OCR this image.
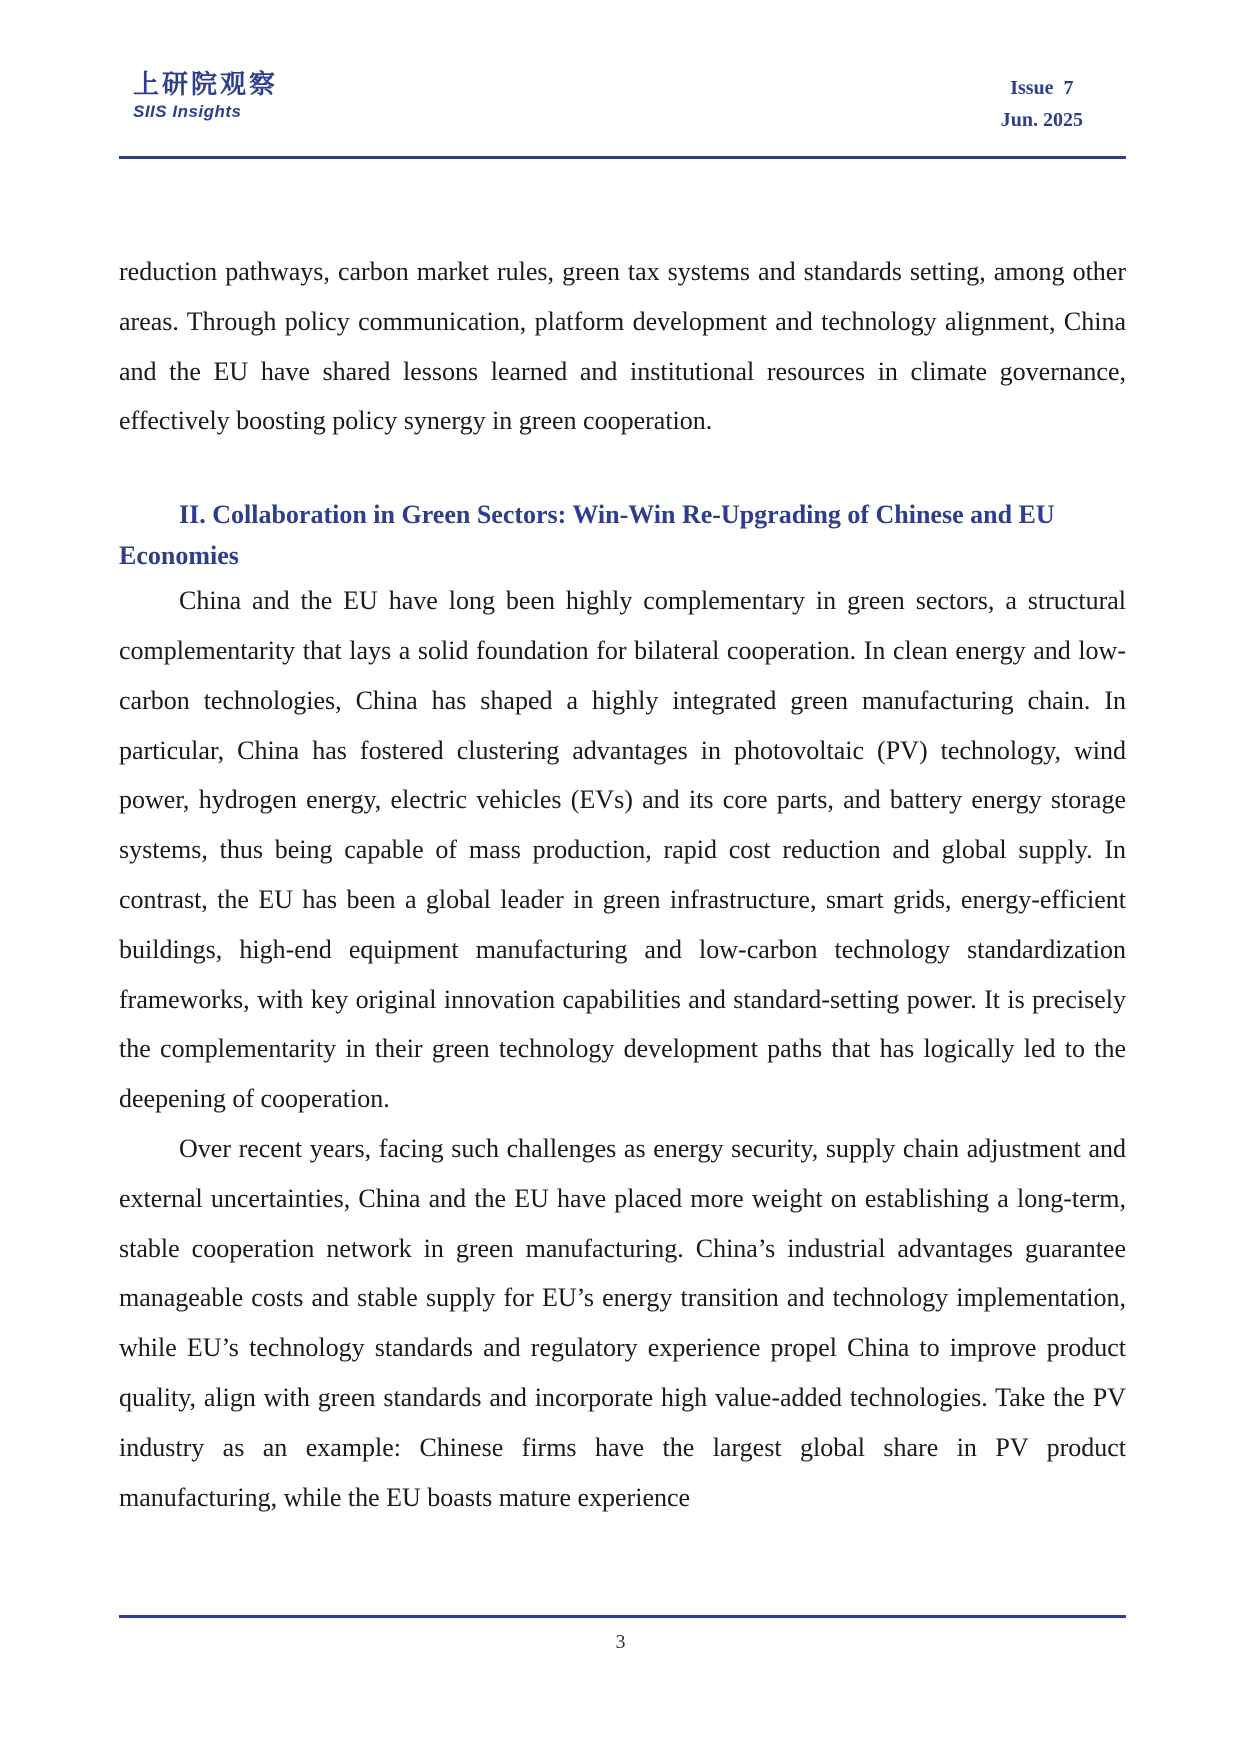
上研院观察
SIIS Insights
Issue  7
Jun. 2025

reduction pathways, carbon market rules, green tax systems and standards setting, among other areas. Through policy communication, platform development and technology alignment, China and the EU have shared lessons learned and institutional resources in climate governance, effectively boosting policy synergy in green cooperation.

II. Collaboration in Green Sectors: Win-Win Re-Upgrading of Chinese and EU Economies

China and the EU have long been highly complementary in green sectors, a structural complementarity that lays a solid foundation for bilateral cooperation. In clean energy and low-carbon technologies, China has shaped a highly integrated green manufacturing chain. In particular, China has fostered clustering advantages in photovoltaic (PV) technology, wind power, hydrogen energy, electric vehicles (EVs) and its core parts, and battery energy storage systems, thus being capable of mass production, rapid cost reduction and global supply. In contrast, the EU has been a global leader in green infrastructure, smart grids, energy-efficient buildings, high-end equipment manufacturing and low-carbon technology standardization frameworks, with key original innovation capabilities and standard-setting power. It is precisely the complementarity in their green technology development paths that has logically led to the deepening of cooperation.

Over recent years, facing such challenges as energy security, supply chain adjustment and external uncertainties, China and the EU have placed more weight on establishing a long-term, stable cooperation network in green manufacturing. China’s industrial advantages guarantee manageable costs and stable supply for EU’s energy transition and technology implementation, while EU’s technology standards and regulatory experience propel China to improve product quality, align with green standards and incorporate high value-added technologies. Take the PV industry as an example: Chinese firms have the largest global share in PV product manufacturing, while the EU boasts mature experience

3
